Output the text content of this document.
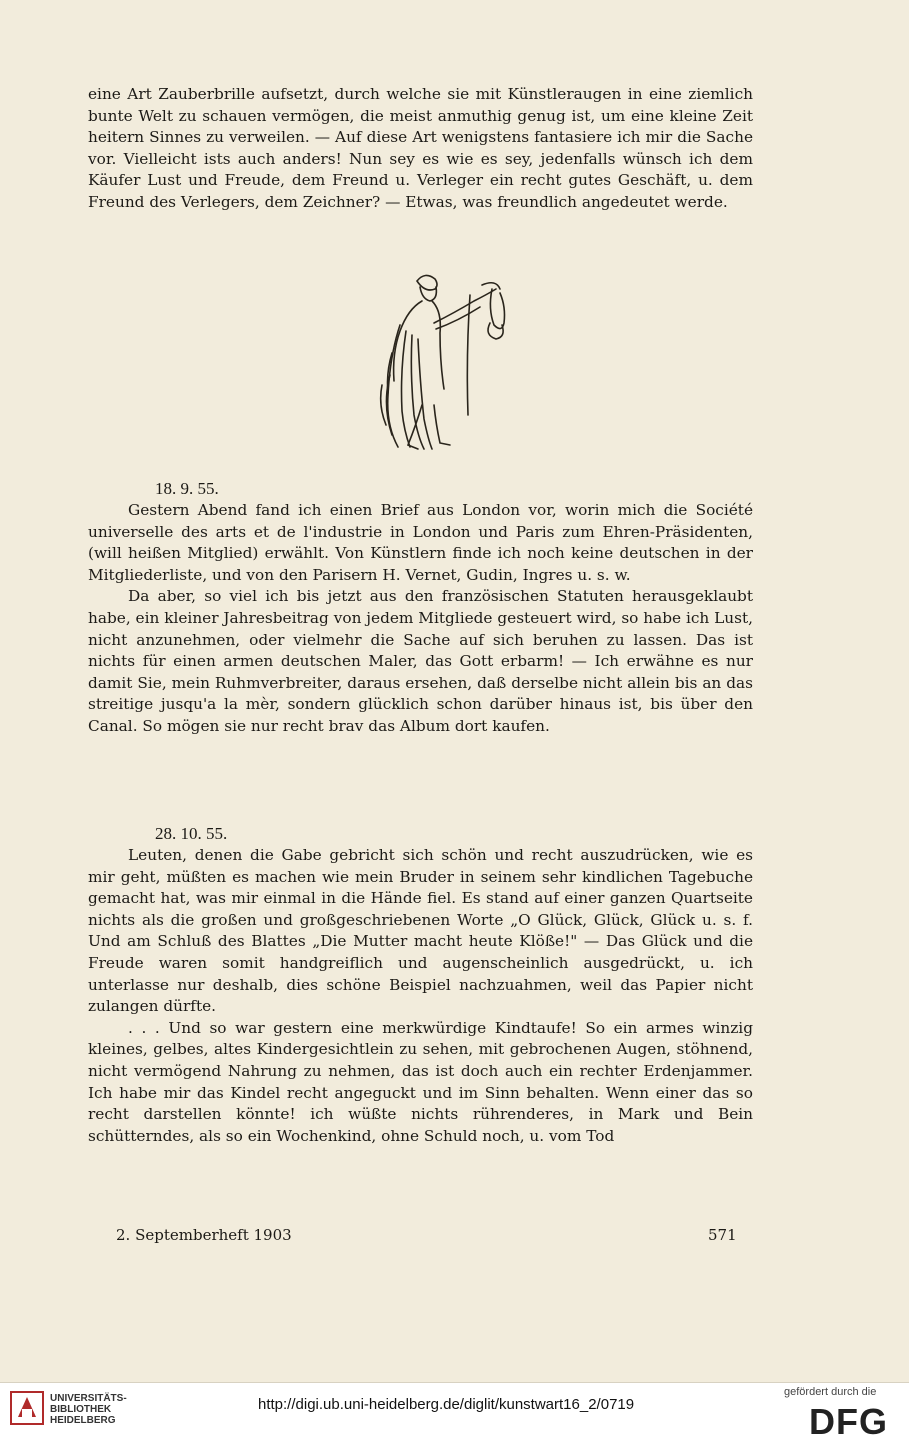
eine Art Zauberbrille aufsetzt, durch welche sie mit Künstleraugen in eine ziemlich bunte Welt zu schauen vermögen, die meist anmuthig genug ist, um eine kleine Zeit heitern Sinnes zu verweilen. — Auf diese Art wenigstens fantasiere ich mir die Sache vor. Vielleicht ists auch anders! Nun sey es wie es sey, jedenfalls wünsch ich dem Käufer Lust und Freude, dem Freund u. Verleger ein recht gutes Geschäft, u. dem Freund des Verlegers, dem Zeichner? — Etwas, was freundlich angedeutet werde.

18. 9. 55.

Gestern Abend fand ich einen Brief aus London vor, worin mich die Société universelle des arts et de l'industrie in London und Paris zum Ehren-Präsidenten, (will heißen Mitglied) erwählt. Von Künstlern finde ich noch keine deutschen in der Mitgliederliste, und von den Parisern H. Vernet, Gudin, Ingres u. s. w.

Da aber, so viel ich bis jetzt aus den französischen Statuten herausgeklaubt habe, ein kleiner Jahresbeitrag von jedem Mitgliede gesteuert wird, so habe ich Lust, nicht anzunehmen, oder vielmehr die Sache auf sich beruhen zu lassen. Das ist nichts für einen armen deutschen Maler, das Gott erbarm! — Ich erwähne es nur damit Sie, mein Ruhmverbreiter, daraus ersehen, daß derselbe nicht allein bis an das streitige jusqu'a la mèr, sondern glücklich schon darüber hinaus ist, bis über den Canal. So mögen sie nur recht brav das Album dort kaufen.

28. 10. 55.

Leuten, denen die Gabe gebricht sich schön und recht auszudrücken, wie es mir geht, müßten es machen wie mein Bruder in seinem sehr kindlichen Tagebuche gemacht hat, was mir einmal in die Hände fiel. Es stand auf einer ganzen Quartseite nichts als die großen und großgeschriebenen Worte „O Glück, Glück, Glück u. s. f. Und am Schluß des Blattes „Die Mutter macht heute Klöße!" — Das Glück und die Freude waren somit handgreiflich und augenscheinlich ausgedrückt, u. ich unterlasse nur deshalb, dies schöne Beispiel nachzuahmen, weil das Papier nicht zulangen dürfte.

. . . Und so war gestern eine merkwürdige Kindtaufe! So ein armes winzig kleines, gelbes, altes Kindergesichtlein zu sehen, mit gebrochenen Augen, stöhnend, nicht vermögend Nahrung zu nehmen, das ist doch auch ein rechter Erdenjammer. Ich habe mir das Kindel recht angeguckt und im Sinn behalten. Wenn einer das so recht darstellen könnte! ich wüßte nichts rührenderes, in Mark und Bein schütterndes, als so ein Wochenkind, ohne Schuld noch, u. vom Tod

2. Septemberheft 1903	571
UNIVERSITÄTS-
BIBLIOTHEK
HEIDELBERG
http://digi.ub.uni-heidelberg.de/diglit/kunstwart16_2/0719
gefördert durch die
DFG
